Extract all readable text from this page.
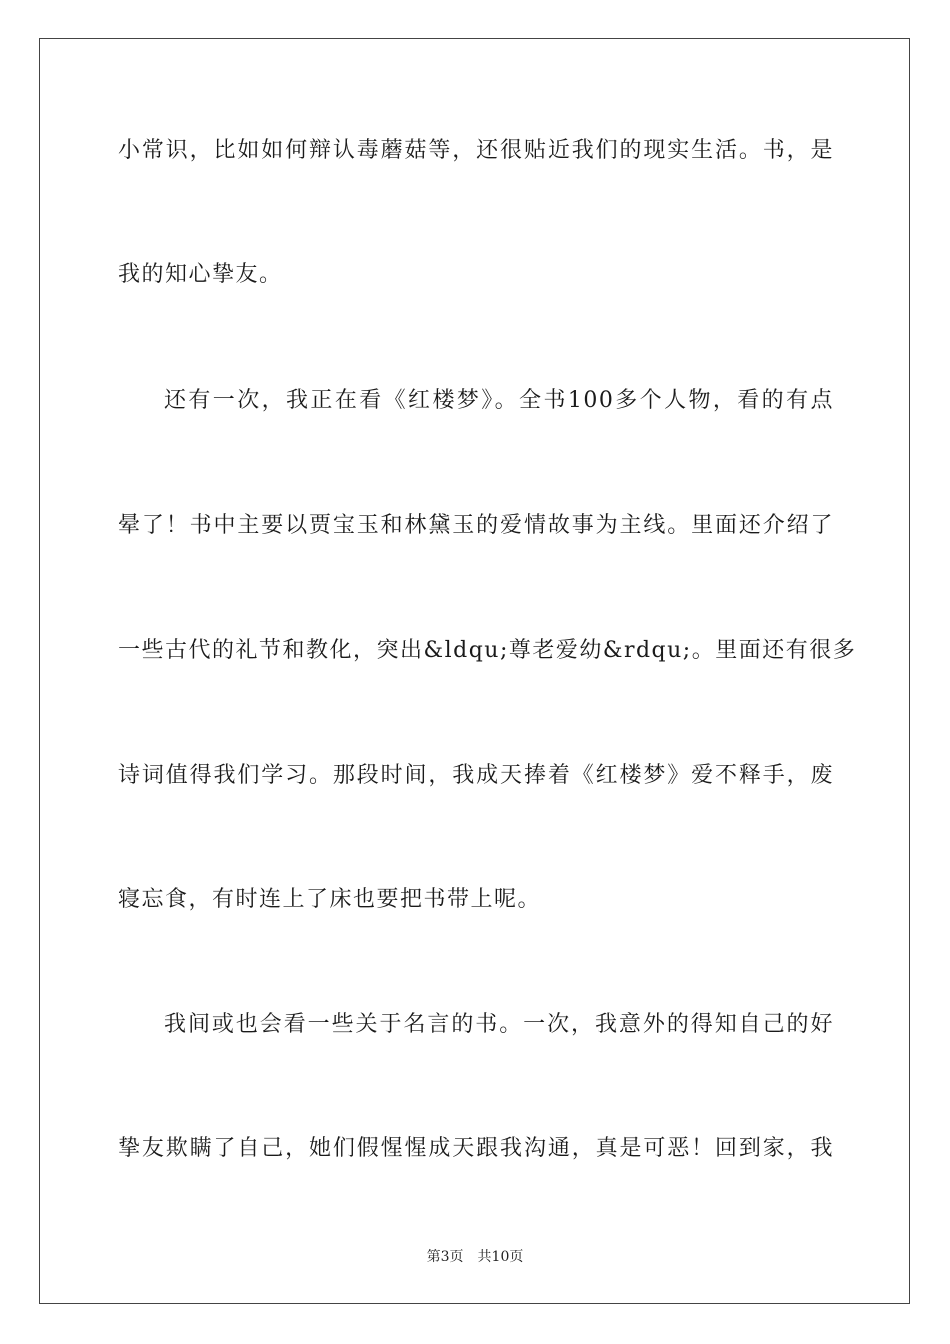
小常识，比如如何辩认毒蘑菇等，还很贴近我们的现实生活。书，是
我的知心挚友。
还有一次，我正在看《红楼梦》。全书100多个人物，看的有点
晕了！书中主要以贾宝玉和林黛玉的爱情故事为主线。里面还介绍了
一些古代的礼节和教化，突出&ldqu;尊老爱幼&rdqu;。里面还有很多
诗词值得我们学习。那段时间，我成天捧着《红楼梦》爱不释手，废
寝忘食，有时连上了床也要把书带上呢。
我间或也会看一些关于名言的书。一次，我意外的得知自己的好
挚友欺瞒了自己，她们假惺惺成天跟我沟通，真是可恶！回到家，我
第3页 共10页
